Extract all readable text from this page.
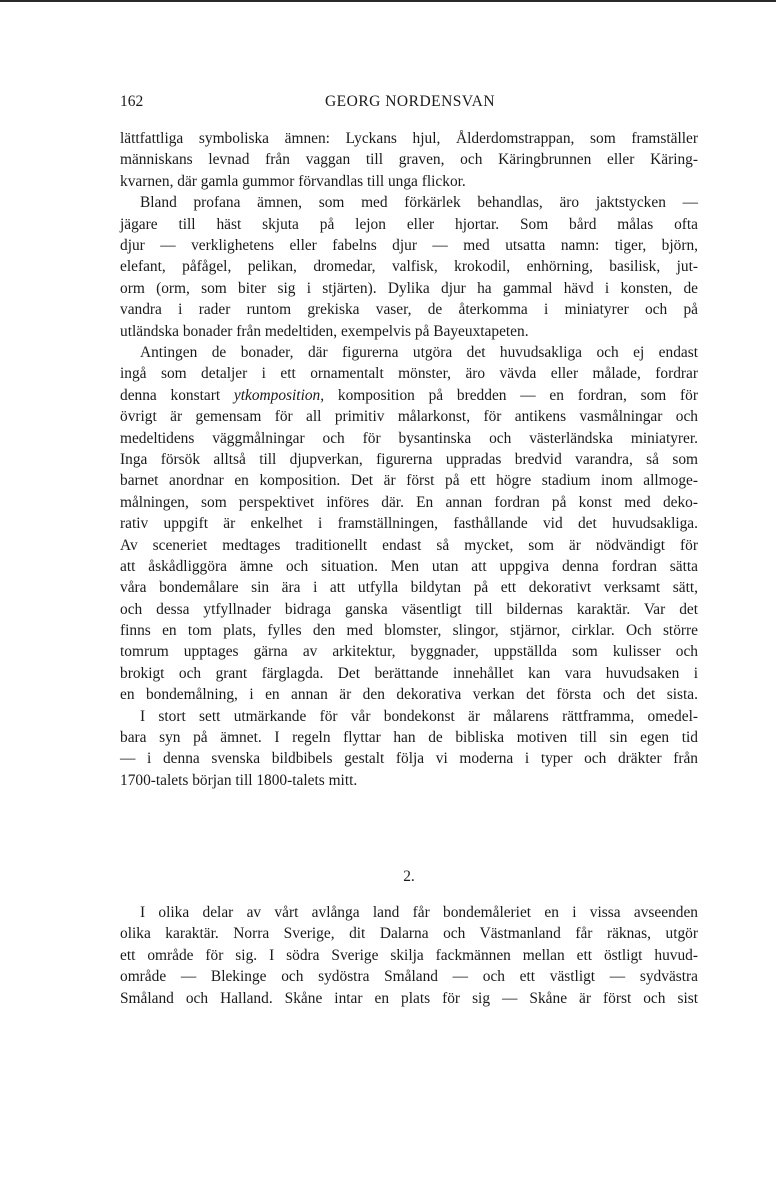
162	GEORG NORDENSVAN
lättfattliga symboliska ämnen: Lyckans hjul, Ålderdomstrappan, som framställer
människans levnad från vaggan till graven, och Käringbrunnen eller Käring-
kvarnen, där gamla gummor förvandlas till unga flickor.
Bland profana ämnen, som med förkärlek behandlas, äro jaktstycken —
jägare till häst skjuta på lejon eller hjortar. Som bård målas ofta
djur — verklighetens eller fabelns djur — med utsatta namn: tiger, björn,
elefant, påfågel, pelikan, dromedar, valfisk, krokodil, enhörning, basilisk, jut-
orm (orm, som biter sig i stjärten). Dylika djur ha gammal hävd i konsten, de
vandra i rader runtom grekiska vaser, de återkomma i miniatyrer och på
utländska bonader från medeltiden, exempelvis på Bayeuxtapeten.
Antingen de bonader, där figurerna utgöra det huvudsakliga och ej endast
ingå som detaljer i ett ornamentalt mönster, äro vävda eller målade, fordrar
denna konstart ytkomposition, komposition på bredden — en fordran, som för
övrigt är gemensam för all primitiv målarkonst, för antikens vasmålningar och
medeltidens väggmålningar och för bysantinska och västerländska miniatyrer.
Inga försök alltså till djupverkan, figurerna uppradas bredvid varandra, så som
barnet anordnar en komposition. Det är först på ett högre stadium inom allmoge-
målningen, som perspektivet införes där. En annan fordran på konst med deko-
rativ uppgift är enkelhet i framställningen, fasthållande vid det huvudsakliga.
Av sceneriet medtages traditionellt endast så mycket, som är nödvändigt för
att åskådliggöra ämne och situation. Men utan att uppgiva denna fordran sätta
våra bondemålare sin ära i att utfylla bildytan på ett dekorativt verksamt sätt,
och dessa ytfyllnader bidraga ganska väsentligt till bildernas karaktär. Var det
finns en tom plats, fylles den med blomster, slingor, stjärnor, cirklar. Och större
tomrum upptages gärna av arkitektur, byggnader, uppställda som kulisser och
brokigt och grant färglagda. Det berättande innehållet kan vara huvudsaken i
en bondemålning, i en annan är den dekorativa verkan det första och det sista.
I stort sett utmärkande för vår bondekonst är målarens rättframma, omedel-
bara syn på ämnet. I regeln flyttar han de bibliska motiven till sin egen tid
— i denna svenska bildbibels gestalt följa vi moderna i typer och dräkter från
1700-talets början till 1800-talets mitt.
2.
I olika delar av vårt avlånga land får bondemåleriet en i vissa avseenden
olika karaktär. Norra Sverige, dit Dalarna och Västmanland får räknas, utgör
ett område för sig. I södra Sverige skilja fackmännen mellan ett östligt huvud-
område — Blekinge och sydöstra Småland — och ett västligt — sydvästra
Småland och Halland. Skåne intar en plats för sig — Skåne är först och sist
